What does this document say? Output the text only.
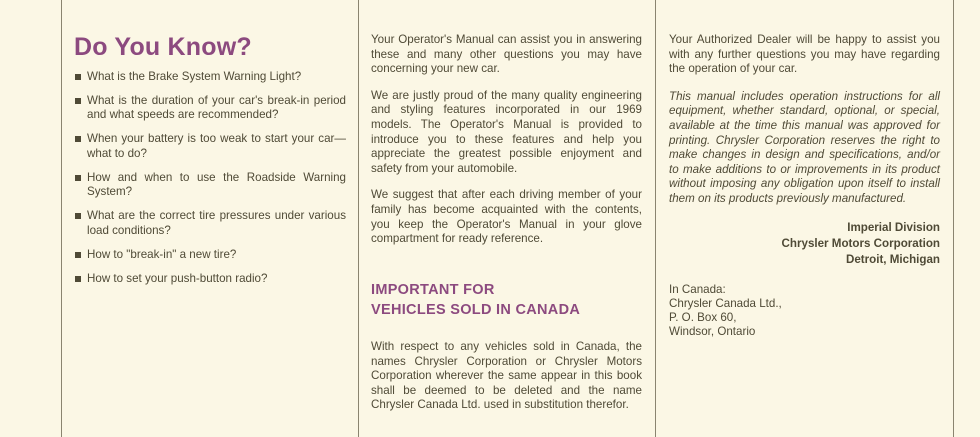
Do You Know?
What is the Brake System Warning Light?
What is the duration of your car's break-in period and what speeds are recommended?
When your battery is too weak to start your car—what to do?
How and when to use the Roadside Warning System?
What are the correct tire pressures under various load conditions?
How to "break-in" a new tire?
How to set your push-button radio?

Your Operator's Manual can assist you in answering these and many other questions you may have concerning your new car.

We are justly proud of the many quality engineering and styling features incorporated in our 1969 models. The Operator's Manual is provided to introduce you to these features and help you appreciate the greatest possible enjoyment and safety from your automobile.

We suggest that after each driving member of your family has become acquainted with the contents, you keep the Operator's Manual in your glove compartment for ready reference.

IMPORTANT FOR
VEHICLES SOLD IN CANADA

With respect to any vehicles sold in Canada, the names Chrysler Corporation or Chrysler Motors Corporation wherever the same appear in this book shall be deemed to be deleted and the name Chrysler Canada Ltd. used in substitution therefor.

Your Authorized Dealer will be happy to assist you with any further questions you may have regarding the operation of your car.

This manual includes operation instructions for all equipment, whether standard, optional, or special, available at the time this manual was approved for printing. Chrysler Corporation reserves the right to make changes in design and specifications, and/or to make additions to or improvements in its product without imposing any obligation upon itself to install them on its products previously manufactured.

Imperial Division
Chrysler Motors Corporation
Detroit, Michigan
In Canada:
Chrysler Canada Ltd.,
P. O. Box 60,
Windsor, Ontario
